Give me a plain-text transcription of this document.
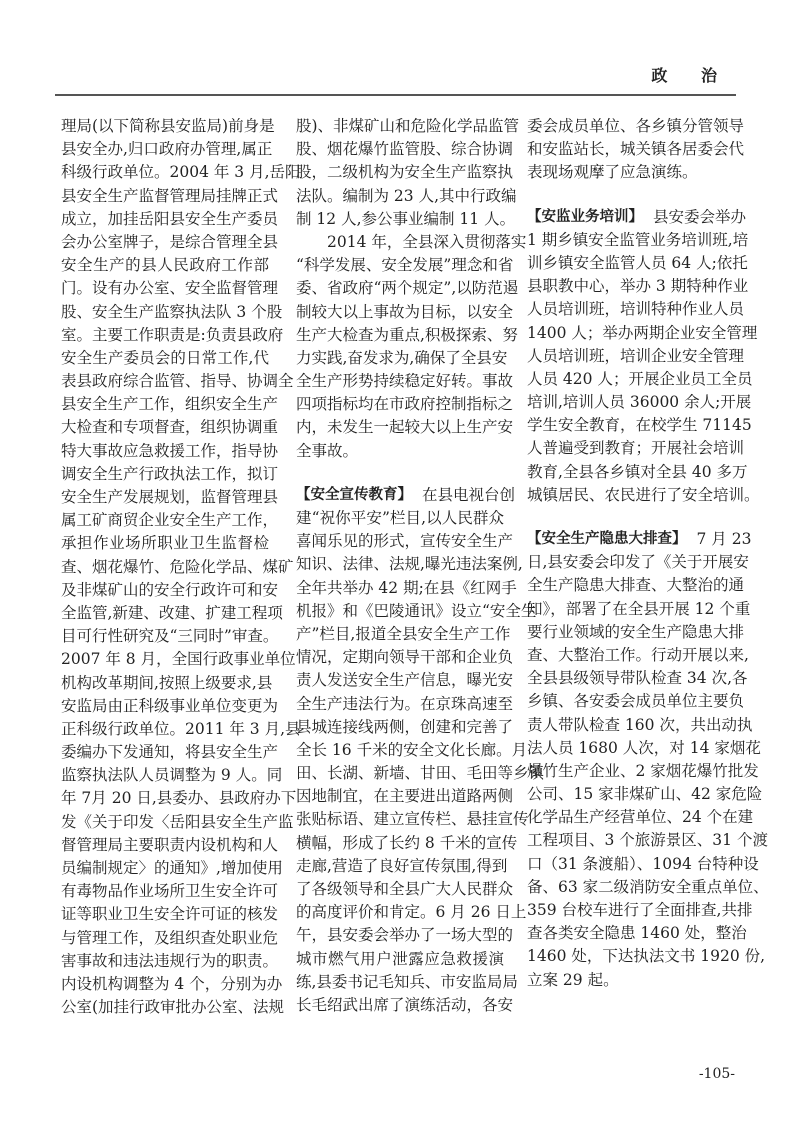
政 治
理局(以下简称县安监局)前身是
县安全办,归口政府办管理,属正
科级行政单位。2004 年 3 月,岳阳
县安全生产监督管理局挂牌正式
成立，加挂岳阳县安全生产委员
会办公室牌子，是综合管理全县
安全生产的县人民政府工作部
门。设有办公室、安全监督管理
股、安全生产监察执法队 3 个股
室。主要工作职责是:负责县政府
安全生产委员会的日常工作,代
表县政府综合监管、指导、协调全
县安全生产工作，组织安全生产
大检查和专项督查，组织协调重
特大事故应急救援工作，指导协
调安全生产行政执法工作，拟订
安全生产发展规划，监督管理县
属工矿商贸企业安全生产工作，
承担作业场所职业卫生监督检
查、烟花爆竹、危险化学品、煤矿
及非煤矿山的安全行政许可和安
全监管,新建、改建、扩建工程项
目可行性研究及“三同时”审查。
2007 年 8 月，全国行政事业单位
机构改革期间,按照上级要求,县
安监局由正科级事业单位变更为
正科级行政单位。2011 年 3 月,县
委编办下发通知，将县安全生产
监察执法队人员调整为 9 人。同
年 7月 20 日,县委办、县政府办下
发《关于印发〈岳阳县安全生产监
督管理局主要职责内设机构和人
员编制规定〉的通知》,增加使用
有毒物品作业场所卫生安全许可
证等职业卫生安全许可证的核发
与管理工作，及组织查处职业危
害事故和违法违规行为的职责。
内设机构调整为 4 个，分别为办
公室(加挂行政审批办公室、法规
股)、非煤矿山和危险化学品监管
股、烟花爆竹监管股、综合协调
股，二级机构为安全生产监察执
法队。编制为 23 人,其中行政编
制 12 人,参公事业编制 11 人。
2014 年，全县深入贯彻落实
“科学发展、安全发展”理念和省
委、省政府“两个规定”,以防范遏
制较大以上事故为目标，以安全
生产大检查为重点,积极探索、努
力实践,奋发求为,确保了全县安
全生产形势持续稳定好转。事故
四项指标均在市政府控制指标之
内，未发生一起较大以上生产安
全事故。
【安全宣传教育】 在县电视台创
建“祝你平安”栏目,以人民群众
喜闻乐见的形式，宣传安全生产
知识、法律、法规,曝光违法案例,
全年共举办 42 期;在县《红网手
机报》和《巴陵通讯》设立“安全生
产”栏目,报道全县安全生产工作
情况，定期向领导干部和企业负
责人发送安全生产信息，曝光安
全生产违法行为。在京珠高速至
县城连接线两侧，创建和完善了
全长 16 千米的安全文化长廊。月
田、长湖、新墙、甘田、毛田等乡镇
因地制宜，在主要进出道路两侧
张贴标语、建立宣传栏、悬挂宣传
横幅，形成了长约 8 千米的宣传
走廊,营造了良好宣传氛围,得到
了各级领导和全县广大人民群众
的高度评价和肯定。6 月 26 日上
午，县安委会举办了一场大型的
城市燃气用户泄露应急救援演
练,县委书记毛知兵、市安监局局
长毛绍武出席了演练活动，各安
委会成员单位、各乡镇分管领导
和安监站长，城关镇各居委会代
表现场观摩了应急演练。
【安监业务培训】 县安委会举办
1 期乡镇安全监管业务培训班,培
训乡镇安全监管人员 64 人;依托
县职教中心，举办 3 期特种作业
人员培训班，培训特种作业人员
1400 人；举办两期企业安全管理
人员培训班，培训企业安全管理
人员 420 人；开展企业员工全员
培训,培训人员 36000 余人;开展
学生安全教育，在校学生 71145
人普遍受到教育；开展社会培训
教育,全县各乡镇对全县 40 多万
城镇居民、农民进行了安全培训。
【安全生产隐患大排查】 7 月 23
日,县安委会印发了《关于开展安
全生产隐患大排查、大整治的通
知》，部署了在全县开展 12 个重
要行业领域的安全生产隐患大排
查、大整治工作。行动开展以来,
全县县级领导带队检查 34 次,各
乡镇、各安委会成员单位主要负
责人带队检查 160 次，共出动执
法人员 1680 人次，对 14 家烟花
爆竹生产企业、2 家烟花爆竹批发
公司、15 家非煤矿山、42 家危险
化学品生产经营单位、24 个在建
工程项目、3 个旅游景区、31 个渡
口（31 条渡船）、1094 台特种设
备、63 家二级消防安全重点单位、
359 台校车进行了全面排查,共排
查各类安全隐患 1460 处，整治
1460 处，下达执法文书 1920 份,
立案 29 起。
-105-
